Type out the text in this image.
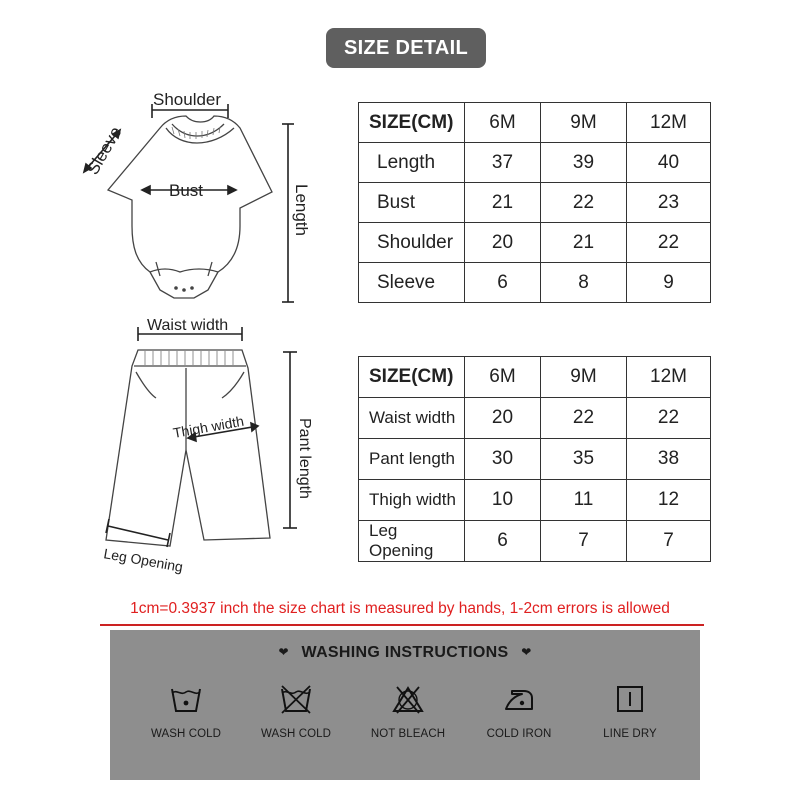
SIZE DETAIL
Shoulder
Sleeve
Bust	Length
Waist width
Pant length
Thigh width
Leg Opening
SIZE(CM)	6M	9M	12M
Length	37	39	40
Bust	21	22	23
Shoulder	20	21	22
Sleeve	6	8	9
SIZE(CM)	6M	9M	12M
Waist width	20	22	22
Pant length	30	35	38
Thigh width	10	11	12
Leg Opening	6	7	7
1cm=0.3937 inch the size chart is measured by hands, 1-2cm errors is allowed
❤ WASHING INSTRUCTIONS ❤
WASH COLD	WASH COLD	NOT BLEACH	COLD IRON	LINE DRY
